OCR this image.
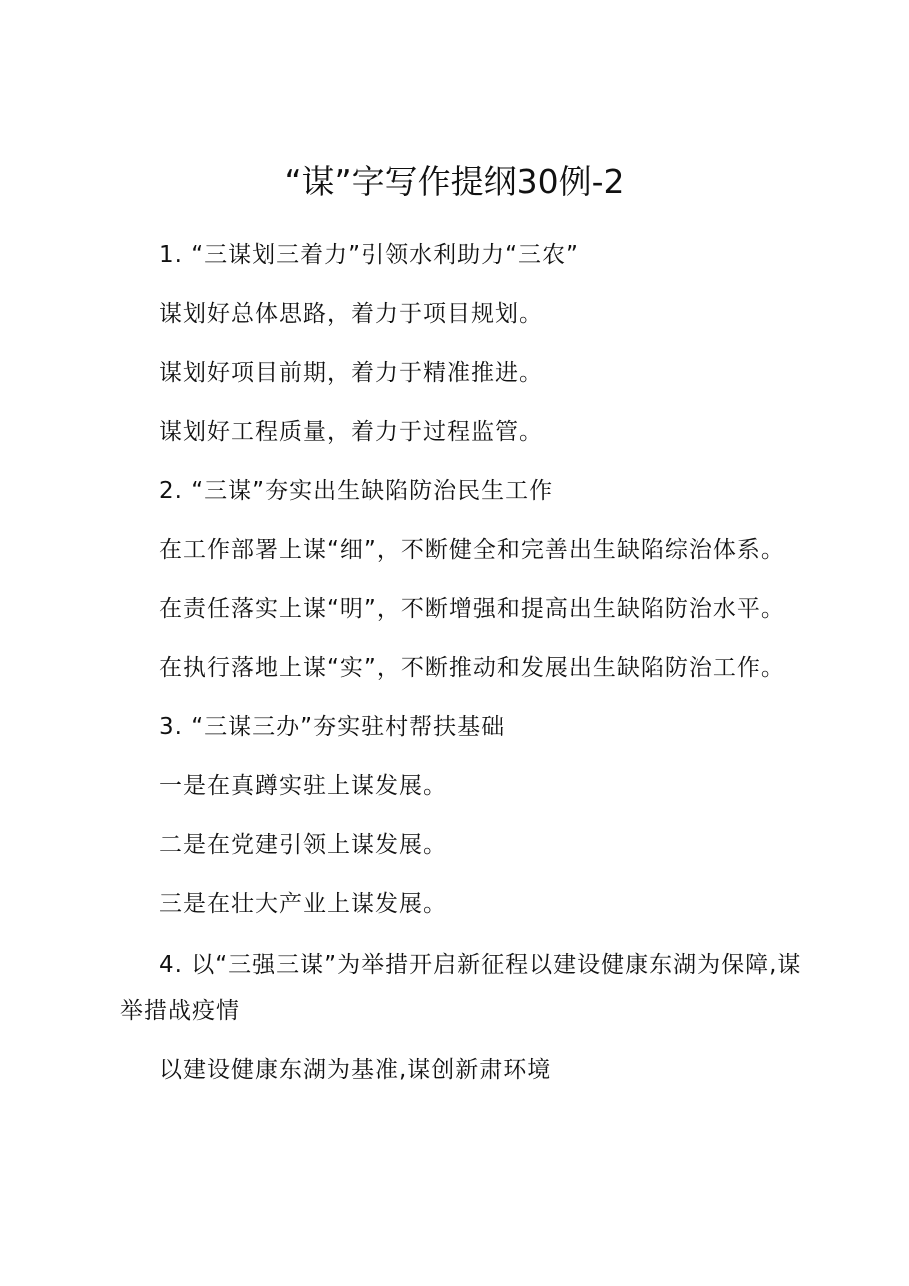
“谋”字写作提纲30例-2
1. “三谋划三着力”引领水利助力“三农”
谋划好总体思路，着力于项目规划。
谋划好项目前期，着力于精准推进。
谋划好工程质量，着力于过程监管。
2. “三谋”夯实出生缺陷防治民生工作
在工作部署上谋“细”，不断健全和完善出生缺陷综治体系。
在责任落实上谋“明”，不断增强和提高出生缺陷防治水平。
在执行落地上谋“实”，不断推动和发展出生缺陷防治工作。
3. “三谋三办”夯实驻村帮扶基础
一是在真蹲实驻上谋发展。
二是在党建引领上谋发展。
三是在壮大产业上谋发展。
4. 以“三强三谋”为举措开启新征程以建设健康东湖为保障,谋
举措战疫情
以建设健康东湖为基准,谋创新肃环境
